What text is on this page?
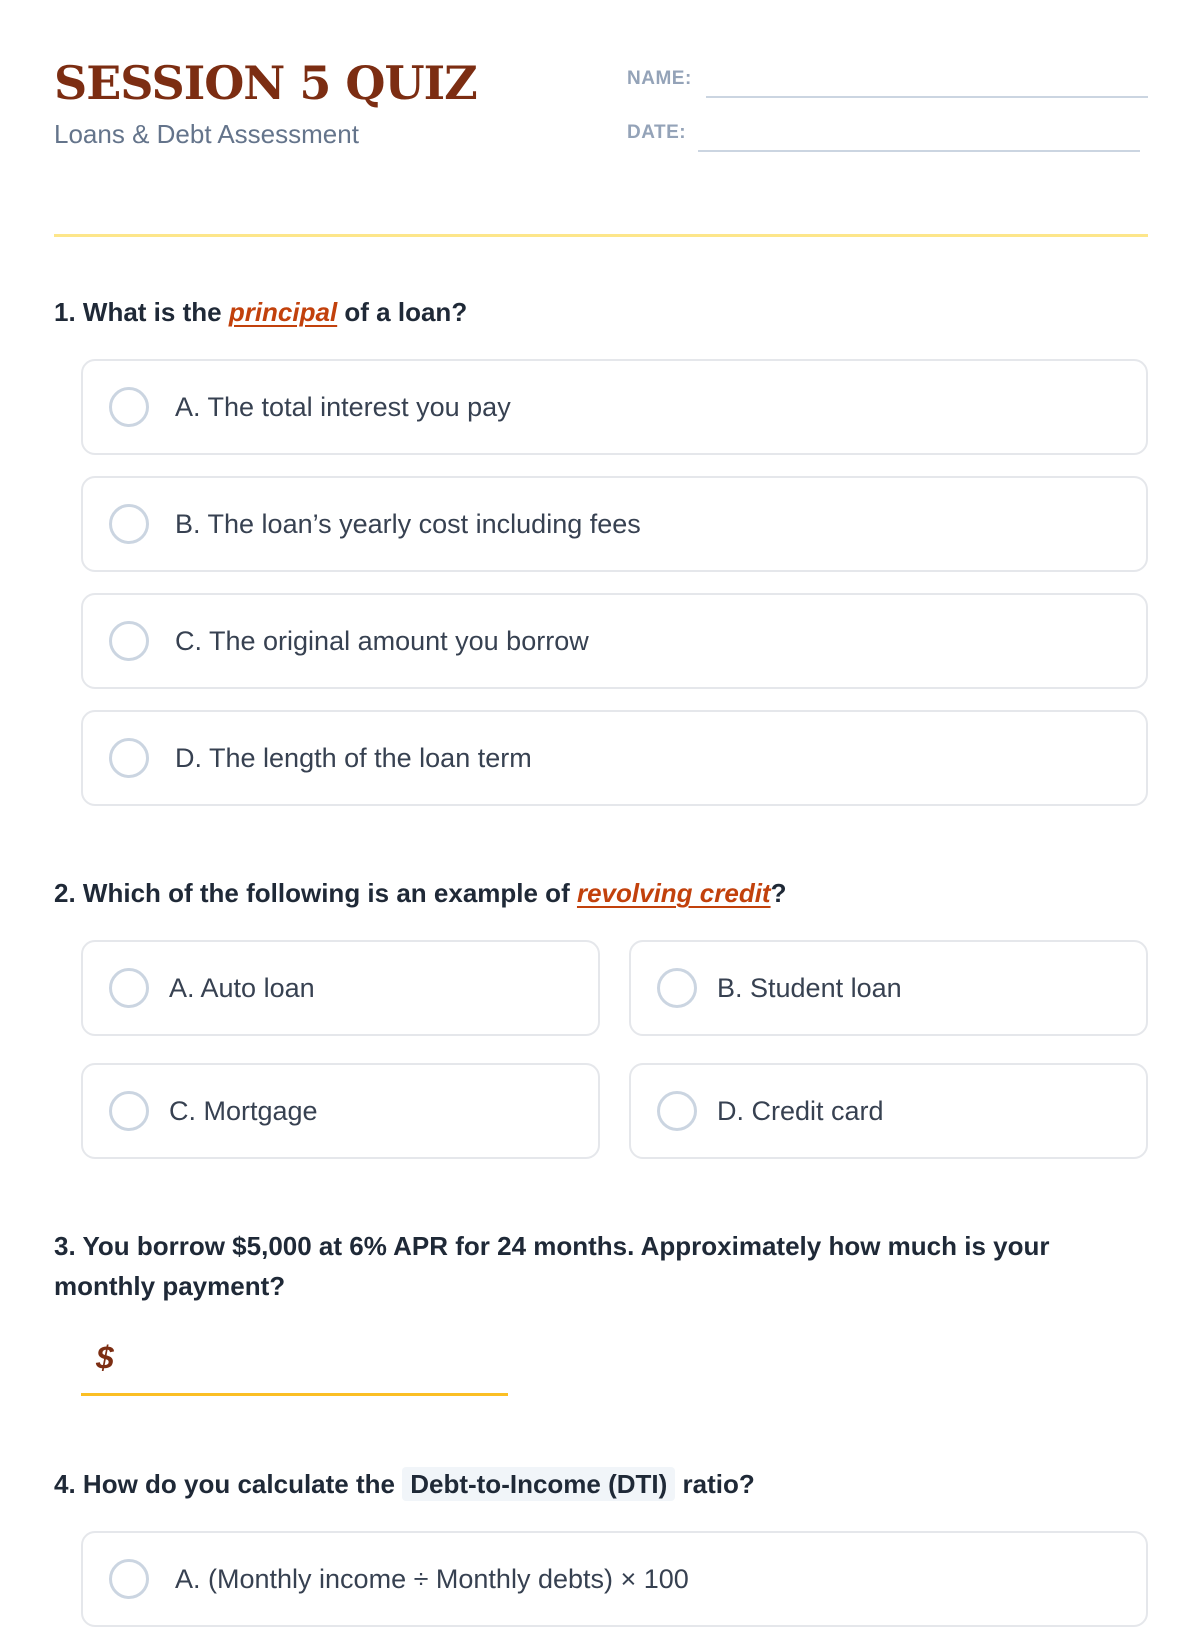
SESSION 5 QUIZ
Loans & Debt Assessment
NAME:
DATE:
1. What is the principal of a loan?
A. The total interest you pay
B. The loan’s yearly cost including fees
C. The original amount you borrow
D. The length of the loan term
2. Which of the following is an example of revolving credit?
A. Auto loan	B. Student loan
C. Mortgage	D. Credit card
3. You borrow $5,000 at 6% APR for 24 months. Approximately how much is your monthly payment?
$
4. How do you calculate the Debt-to-Income (DTI) ratio?
A. (Monthly income ÷ Monthly debts) × 100
